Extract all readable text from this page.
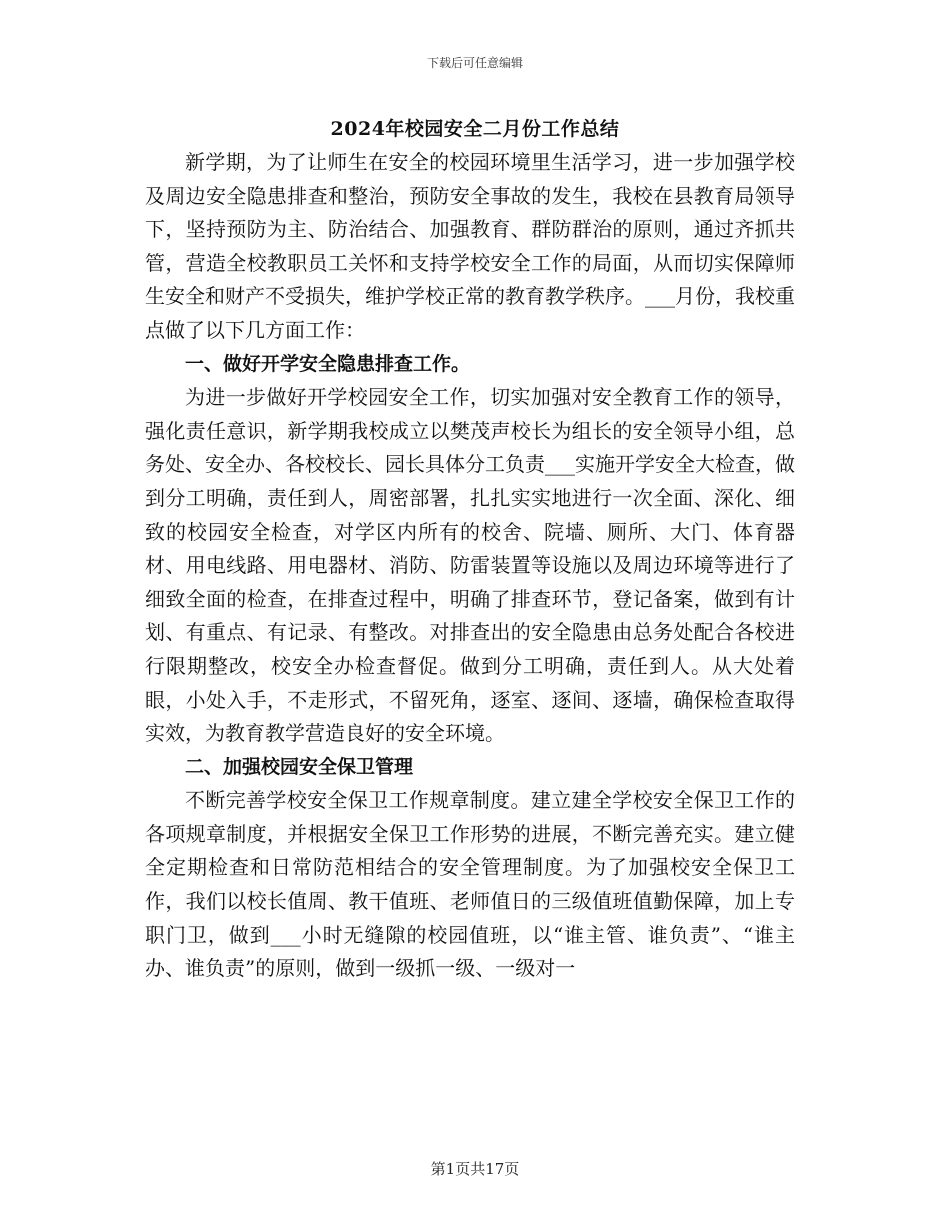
下载后可任意编辑
2024年校园安全二月份工作总结

新学期，为了让师生在安全的校园环境里生活学习，进一步加强学校及周边安全隐患排查和整治，预防安全事故的发生，我校在县教育局领导下，坚持预防为主、防治结合、加强教育、群防群治的原则，通过齐抓共管，营造全校教职员工关怀和支持学校安全工作的局面，从而切实保障师生安全和财产不受损失，维护学校正常的教育教学秩序。___月份，我校重点做了以下几方面工作：

一、做好开学安全隐患排查工作。

为进一步做好开学校园安全工作，切实加强对安全教育工作的领导，强化责任意识，新学期我校成立以樊茂声校长为组长的安全领导小组，总务处、安全办、各校校长、园长具体分工负责___实施开学安全大检查，做到分工明确，责任到人，周密部署，扎扎实实地进行一次全面、深化、细致的校园安全检查，对学区内所有的校舍、院墙、厕所、大门、体育器材、用电线路、用电器材、消防、防雷装置等设施以及周边环境等进行了细致全面的检查，在排查过程中，明确了排查环节，登记备案，做到有计划、有重点、有记录、有整改。对排查出的安全隐患由总务处配合各校进行限期整改，校安全办检查督促。做到分工明确，责任到人。从大处着眼，小处入手，不走形式，不留死角，逐室、逐间、逐墙，确保检查取得实效，为教育教学营造良好的安全环境。

二、加强校园安全保卫管理

不断完善学校安全保卫工作规章制度。建立建全学校安全保卫工作的各项规章制度，并根据安全保卫工作形势的进展，不断完善充实。建立健全定期检查和日常防范相结合的安全管理制度。为了加强校安全保卫工作，我们以校长值周、教干值班、老师值日的三级值班值勤保障，加上专职门卫，做到___小时无缝隙的校园值班，以“谁主管、谁负责”、“谁主办、谁负责”的原则，做到一级抓一级、一级对一

第1页共17页
